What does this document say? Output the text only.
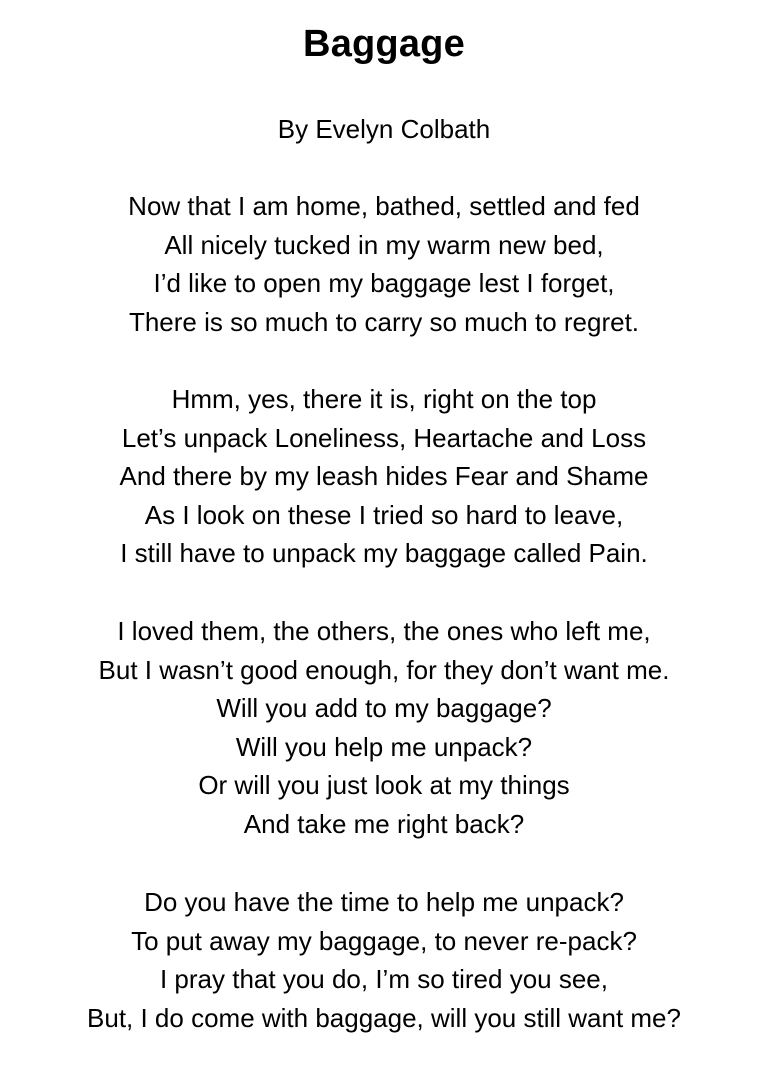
Baggage
By Evelyn Colbath
Now that I am home, bathed, settled and fed
All nicely tucked in my warm new bed,
I’d like to open my baggage lest I forget,
There is so much to carry so much to regret.
Hmm, yes, there it is, right on the top
Let’s unpack Loneliness, Heartache and Loss
And there by my leash hides Fear and Shame
As I look on these I tried so hard to leave,
I still have to unpack my baggage called Pain.
I loved them, the others, the ones who left me,
But I wasn’t good enough, for they don’t want me.
Will you add to my baggage?
Will you help me unpack?
Or will you just look at my things
And take me right back?
Do you have the time to help me unpack?
To put away my baggage, to never re-pack?
I pray that you do, I’m so tired you see,
But, I do come with baggage, will you still want me?
